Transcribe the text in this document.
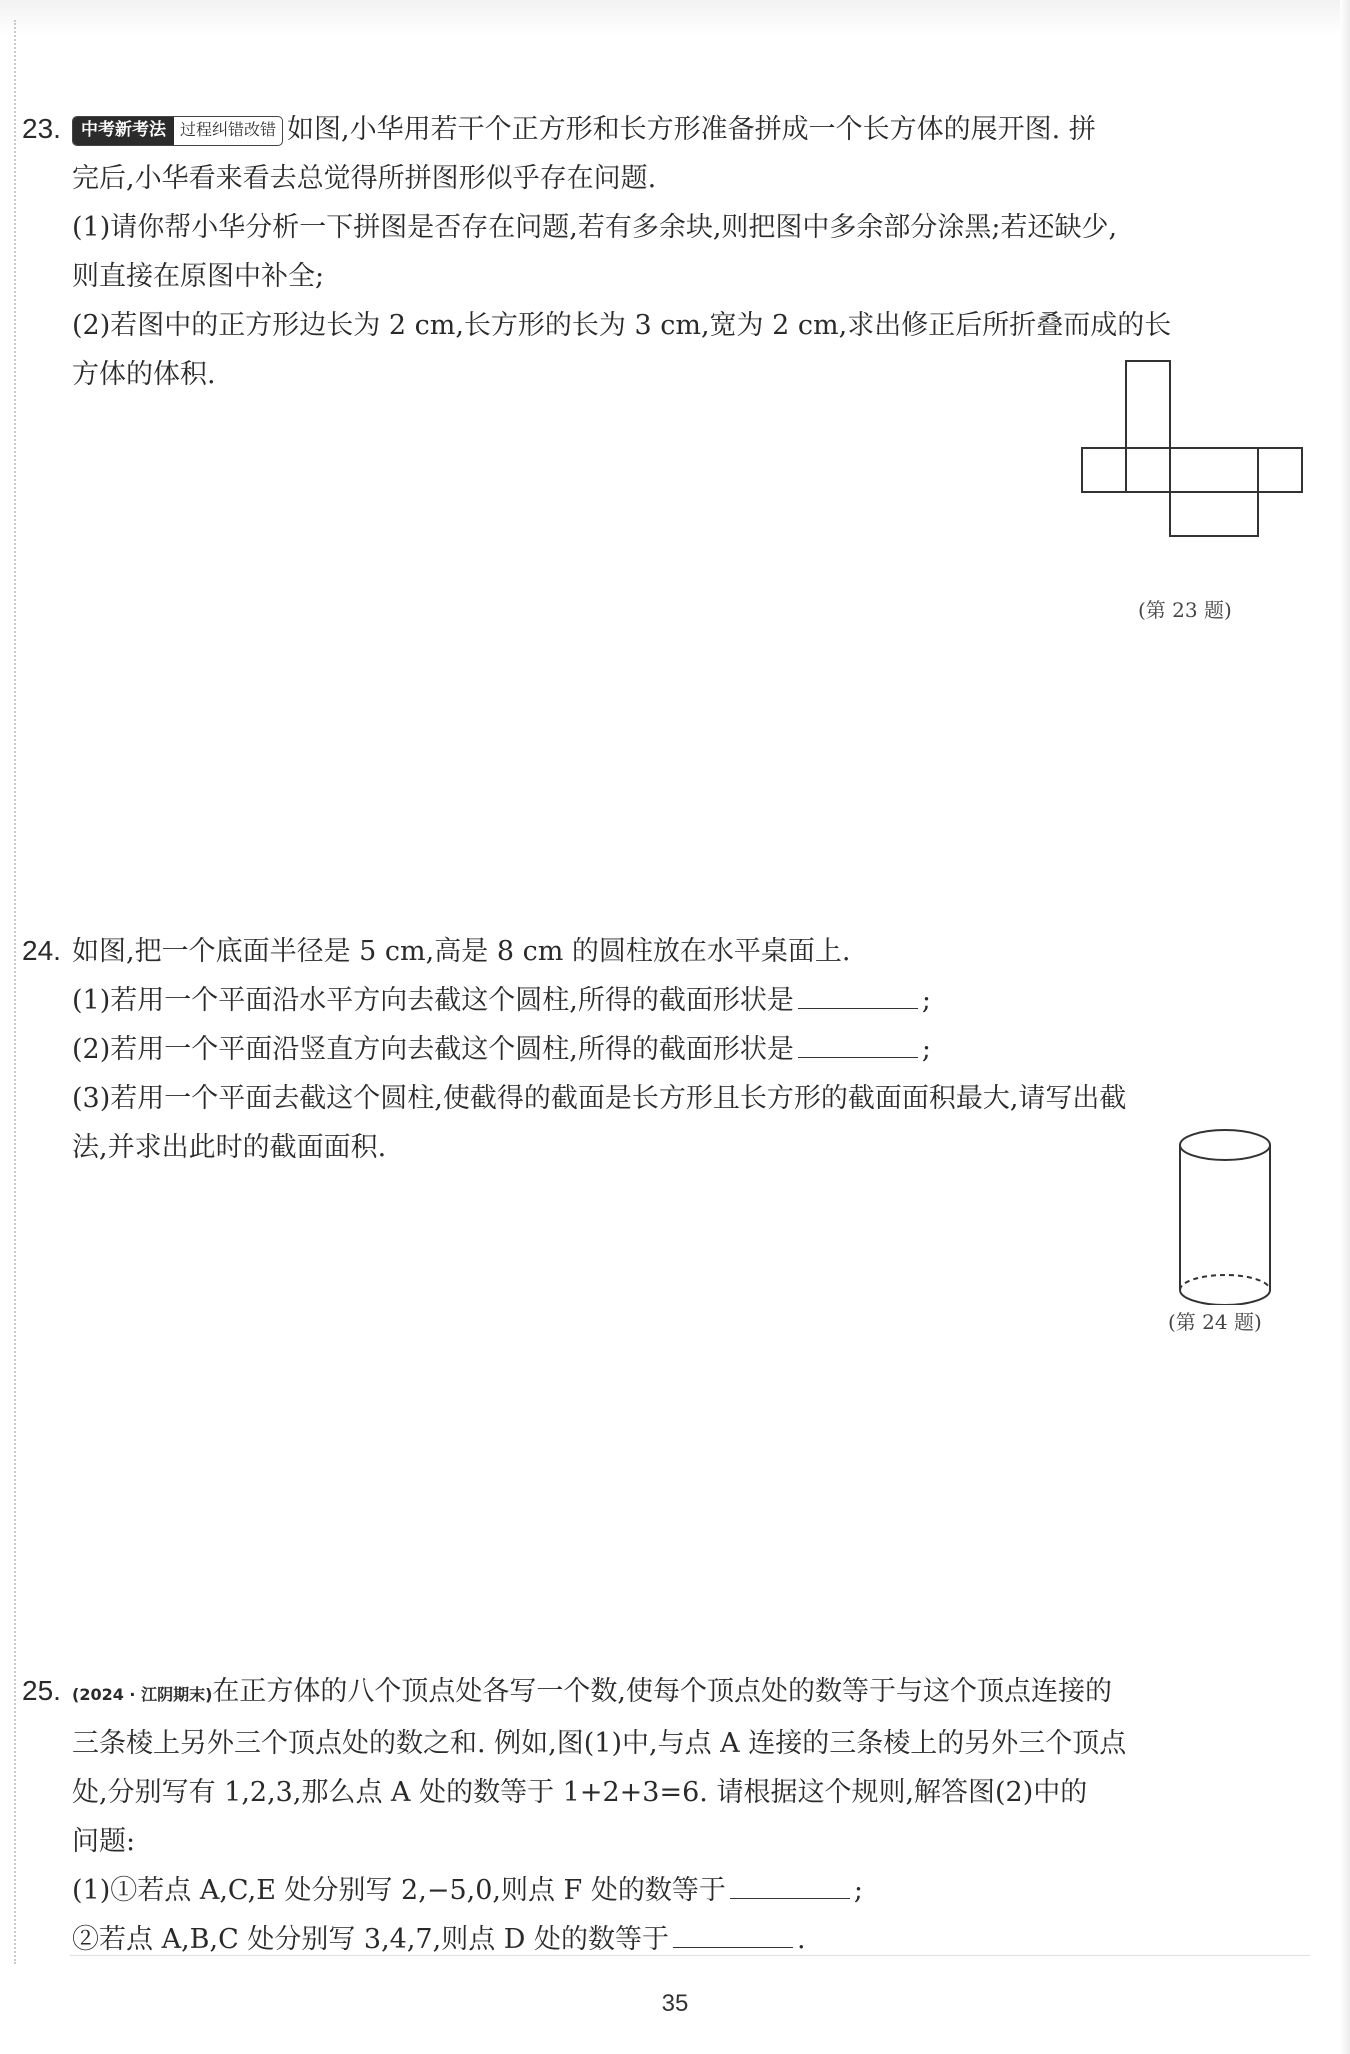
23. 中考新考法 过程纠错改错 如图,小华用若干个正方形和长方形准备拼成一个长方体的展开图. 拼
完后,小华看来看去总觉得所拼图形似乎存在问题.
(1)请你帮小华分析一下拼图是否存在问题,若有多余块,则把图中多余部分涂黑;若还缺少,
则直接在原图中补全;
(2)若图中的正方形边长为 2 cm,长方形的长为 3 cm,宽为 2 cm,求出修正后所折叠而成的长
方体的体积.
(第 23 题)
24. 如图,把一个底面半径是 5 cm,高是 8 cm 的圆柱放在水平桌面上.
(1)若用一个平面沿水平方向去截这个圆柱,所得的截面形状是	;
(2)若用一个平面沿竖直方向去截这个圆柱,所得的截面形状是	;
(3)若用一个平面去截这个圆柱,使截得的截面是长方形且长方形的截面面积最大,请写出截
法,并求出此时的截面面积.
(第 24 题)
25. (2024 · 江阴期末)在正方体的八个顶点处各写一个数,使每个顶点处的数等于与这个顶点连接的
三条棱上另外三个顶点处的数之和. 例如,图(1)中,与点 A 连接的三条棱上的另外三个顶点
处,分别写有 1,2,3,那么点 A 处的数等于 1+2+3=6. 请根据这个规则,解答图(2)中的
问题:
(1)①若点 A,C,E 处分别写 2,−5,0,则点 F 处的数等于	;
②若点 A,B,C 处分别写 3,4,7,则点 D 处的数等于	.
35
